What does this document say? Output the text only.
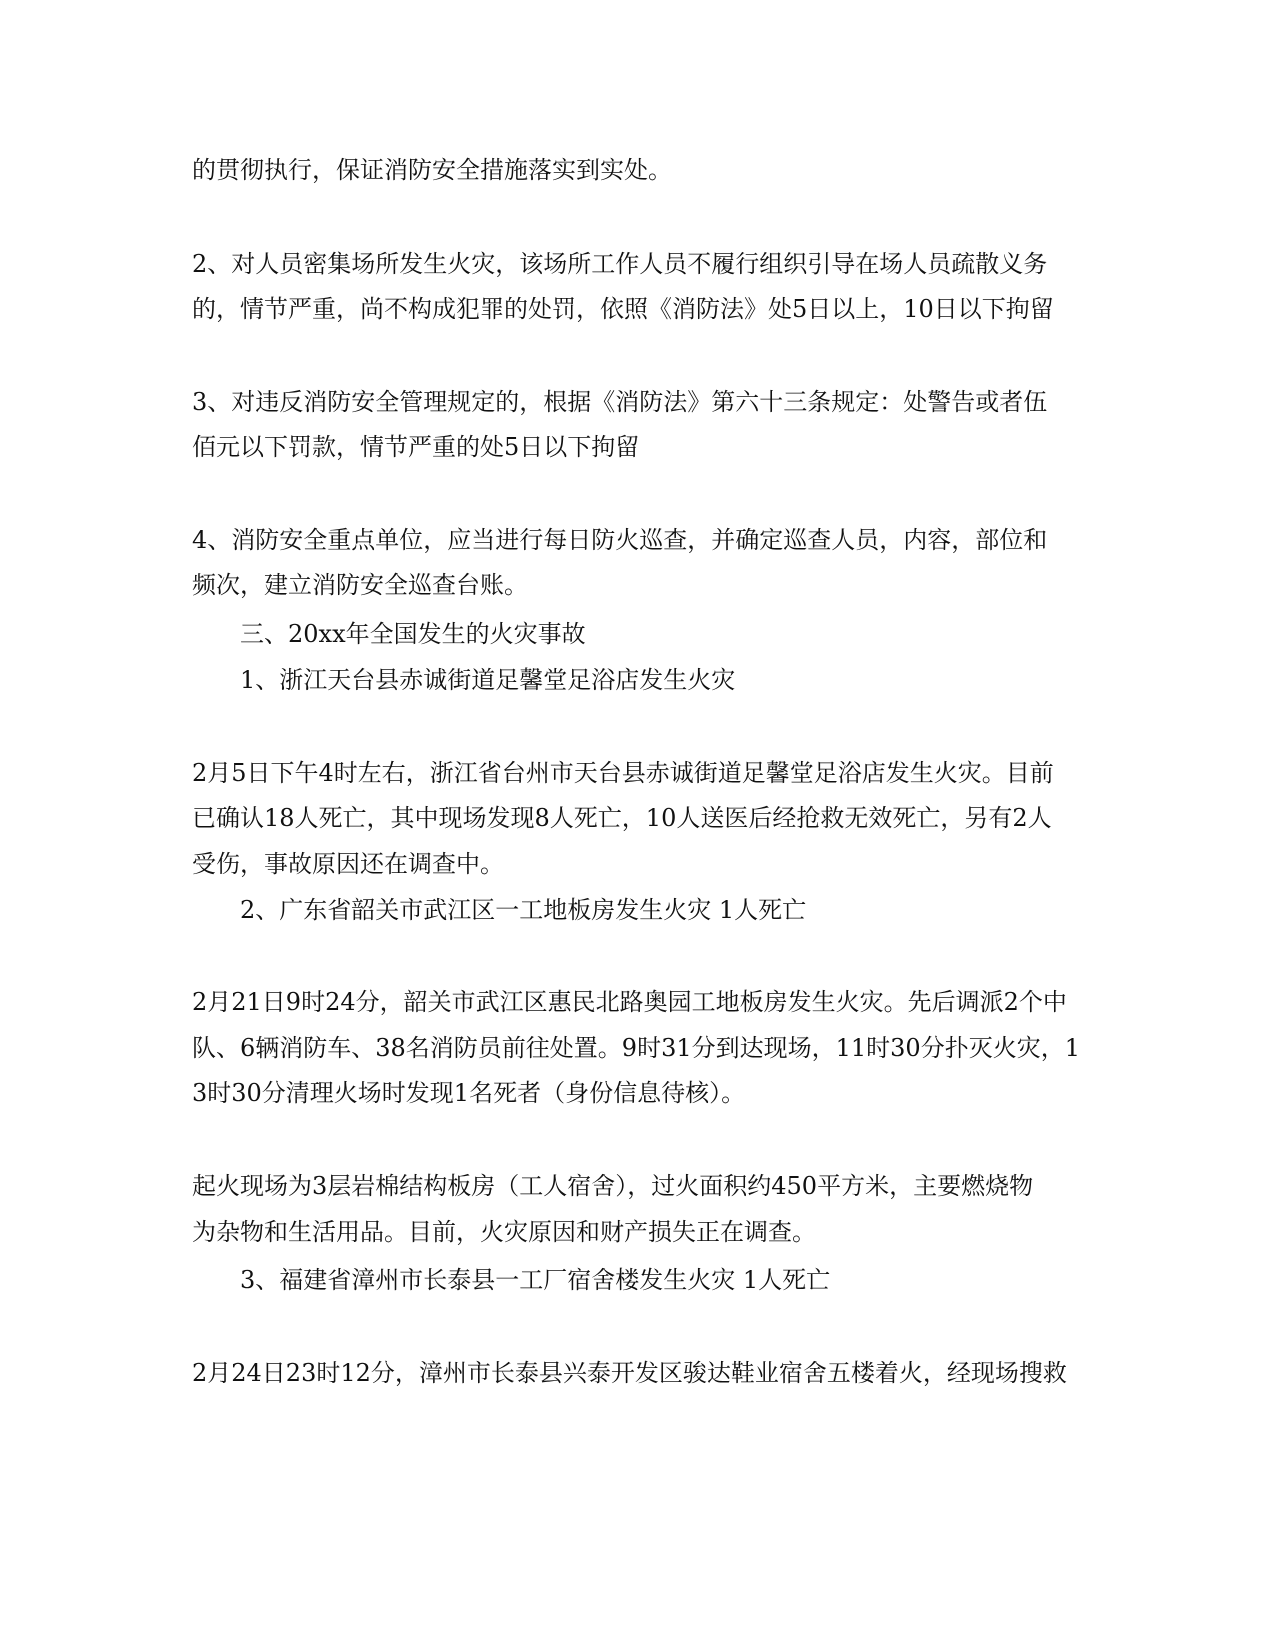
的贯彻执行，保证消防安全措施落实到实处。
2、对人员密集场所发生火灾，该场所工作人员不履行组织引导在场人员疏散义务
的，情节严重，尚不构成犯罪的处罚，依照《消防法》处5日以上，10日以下拘留
3、对违反消防安全管理规定的，根据《消防法》第六十三条规定：处警告或者伍
佰元以下罚款，情节严重的处5日以下拘留
4、消防安全重点单位，应当进行每日防火巡查，并确定巡查人员，内容，部位和
频次，建立消防安全巡查台账。
三、20xx年全国发生的火灾事故
1、浙江天台县赤诚街道足馨堂足浴店发生火灾
2月5日下午4时左右，浙江省台州市天台县赤诚街道足馨堂足浴店发生火灾。目前
已确认18人死亡，其中现场发现8人死亡，10人送医后经抢救无效死亡，另有2人
受伤，事故原因还在调查中。
2、广东省韶关市武江区一工地板房发生火灾 1人死亡
2月21日9时24分，韶关市武江区惠民北路奥园工地板房发生火灾。先后调派2个中
队、6辆消防车、38名消防员前往处置。9时31分到达现场，11时30分扑灭火灾，1
3时30分清理火场时发现1名死者（身份信息待核）。
起火现场为3层岩棉结构板房（工人宿舍），过火面积约450平方米，主要燃烧物
为杂物和生活用品。目前，火灾原因和财产损失正在调查。
3、福建省漳州市长泰县一工厂宿舍楼发生火灾 1人死亡
2月24日23时12分，漳州市长泰县兴泰开发区骏达鞋业宿舍五楼着火，经现场搜救
